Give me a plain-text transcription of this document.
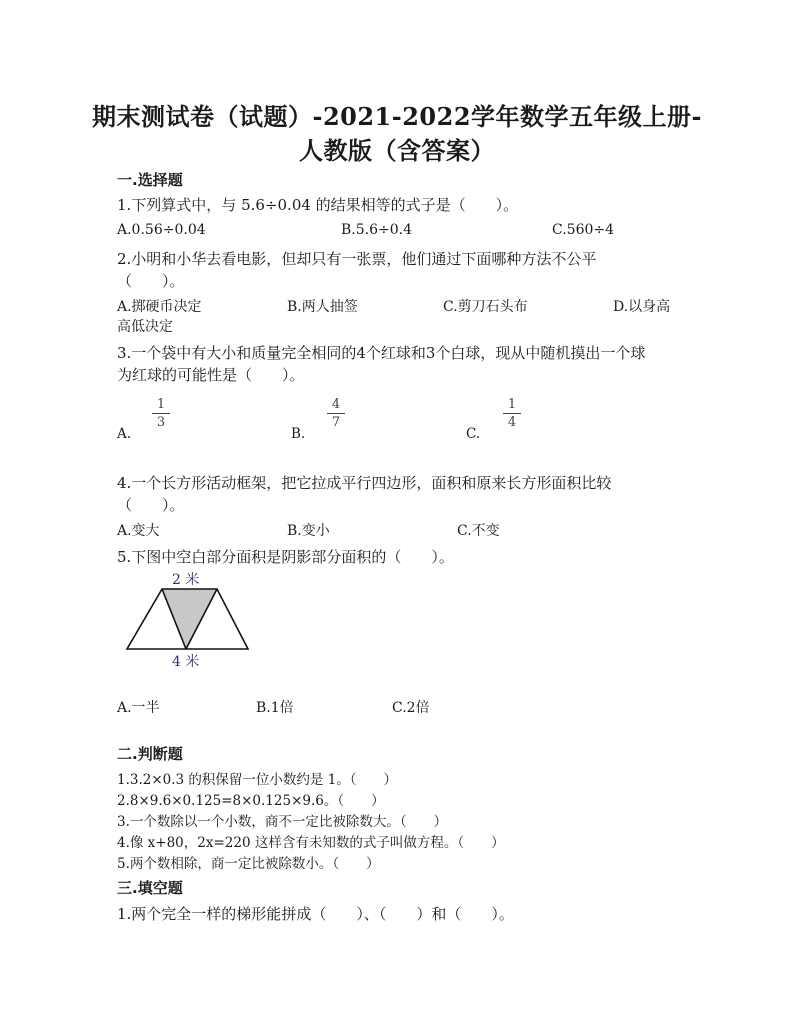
期末测试卷（试题）-2021-2022学年数学五年级上册-
人教版（含答案）
一.选择题
1.下列算式中，与 5.6÷0.04 的结果相等的式子是（　　）。
A.0.56÷0.04	B.5.6÷0.4	C.560÷4
2.小明和小华去看电影，但却只有一张票，他们通过下面哪种方法不公平
（　　）。
A.掷硬币决定	B.两人抽签	C.剪刀石头布	D.以身高
高低决定
3.一个袋中有大小和质量完全相同的4个红球和3个白球，现从中随机摸出一个球
为红球的可能性是（　　）。
A.
$\frac{1}{3}$
B.
$\frac{4}{7}$
C.
$\frac{1}{4}$
4.一个长方形活动框架，把它拉成平行四边形，面积和原来长方形面积比较
（　　）。
A.变大	B.变小	C.不变
5.下图中空白部分面积是阴影部分面积的（　　）。
2 米
4 米
A.一半	B.1倍	C.2倍
二.判断题
1.3.2×0.3 的积保留一位小数约是 1。（　　）
2.8×9.6×0.125=8×0.125×9.6。（　　）
3.一个数除以一个小数，商不一定比被除数大。（　　）
4.像 x+80，2x=220 这样含有未知数的式子叫做方程。（　　）
5.两个数相除，商一定比被除数小。（　　）
三.填空题
1.两个完全一样的梯形能拼成（　　）、（　　）和（　　）。
